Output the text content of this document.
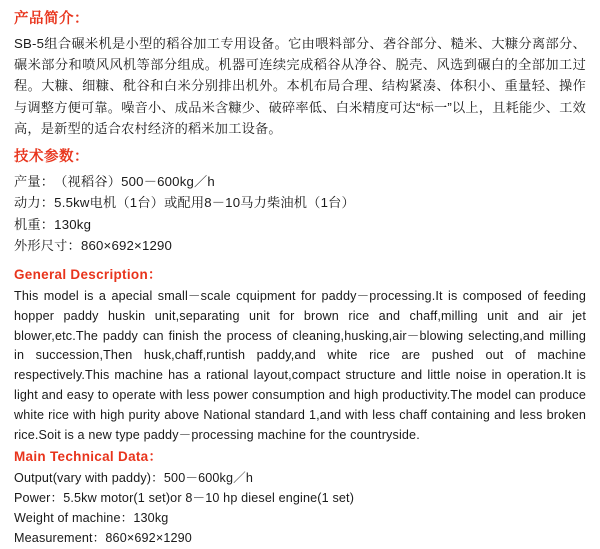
产品简介：

SB-5组合碾米机是小型的稻谷加工专用设备。它由喂料部分、砻谷部分、糙米、大糠分离部分、碾米部分和喷风风机等部分组成。机器可连续完成稻谷从净谷、脱壳、风选到碾白的全部加工过程。大糠、细糠、秕谷和白米分别排出机外。本机布局合理、结构紧凑、体积小、重量轻、操作与调整方便可靠。噪音小、成品米含糠少、破碎率低、白米精度可达“标一”以上，且耗能少、工效高，是新型的适合农村经济的稻米加工设备。

技术参数：
产量：（视稻谷）500－600kg／h
动力：5.5kw电机（1台）或配用8－10马力柴油机（1台）
机重：130kg
外形尺寸：860×692×1290
General Description：

This model is a apecial small－scale cquipment for paddy－processing.It is composed of feeding hopper paddy huskin unit,separating unit for brown rice and chaff,milling unit and air jet blower,etc.The paddy can finish the process of cleaning,husking,air－blowing selecting,and milling in succession,Then husk,chaff,runtish paddy,and white rice are pushed out of machine respectively.This machine has a rational layout,compact structure and little noise in operation.It is light and easy to operate with less power consumption and high productivity.The model can produce white rice with high purity above National standard 1,and with less chaff containing and less broken rice.Soit is a new type paddy－processing machine for the countryside.

Main Technical Data：
Output(vary with paddy)：500－600kg／h
Power：5.5kw motor(1 set)or 8－10 hp diesel engine(1 set)
Weight of machine：130kg
Measurement：860×692×1290
